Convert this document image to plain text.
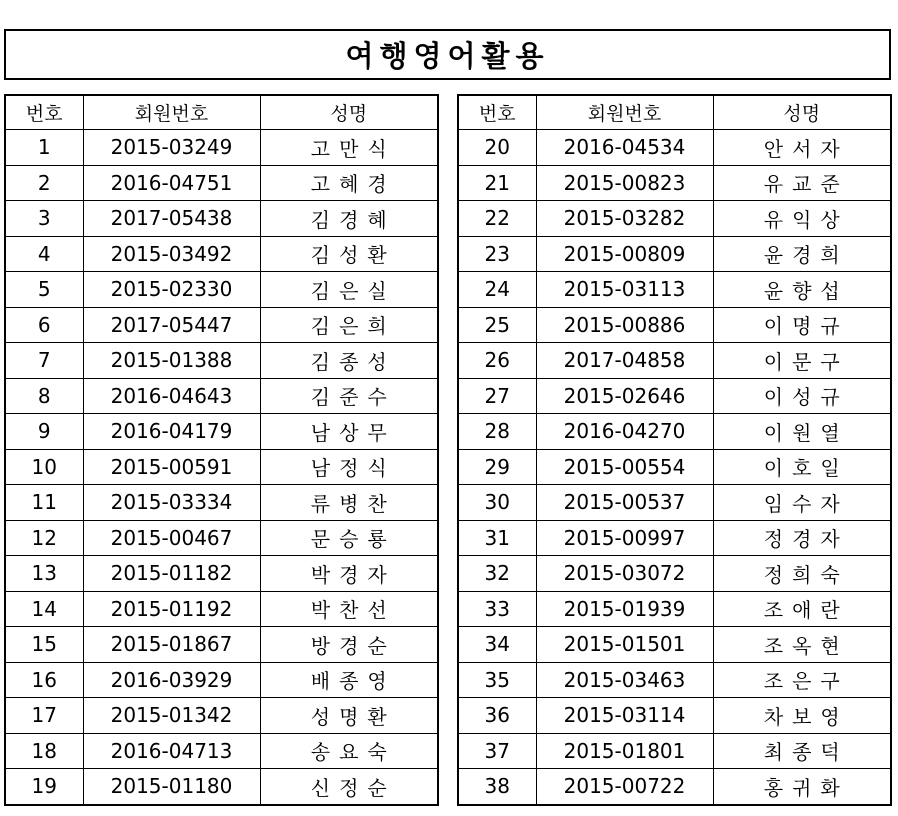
여행영어활용
번호	회원번호	성명
1	2015-03249	고만식
2	2016-04751	고혜경
3	2017-05438	김경혜
4	2015-03492	김성환
5	2015-02330	김은실
6	2017-05447	김은희
7	2015-01388	김종성
8	2016-04643	김준수
9	2016-04179	남상무
10	2015-00591	남정식
11	2015-03334	류병찬
12	2015-00467	문승룡
13	2015-01182	박경자
14	2015-01192	박찬선
15	2015-01867	방경순
16	2016-03929	배종영
17	2015-01342	성명환
18	2016-04713	송요숙
19	2015-01180	신정순
번호	회원번호	성명
20	2016-04534	안서자
21	2015-00823	유교준
22	2015-03282	유익상
23	2015-00809	윤경희
24	2015-03113	윤향섭
25	2015-00886	이명규
26	2017-04858	이문구
27	2015-02646	이성규
28	2016-04270	이원열
29	2015-00554	이호일
30	2015-00537	임수자
31	2015-00997	정경자
32	2015-03072	정희숙
33	2015-01939	조애란
34	2015-01501	조옥현
35	2015-03463	조은구
36	2015-03114	차보영
37	2015-01801	최종덕
38	2015-00722	홍귀화
